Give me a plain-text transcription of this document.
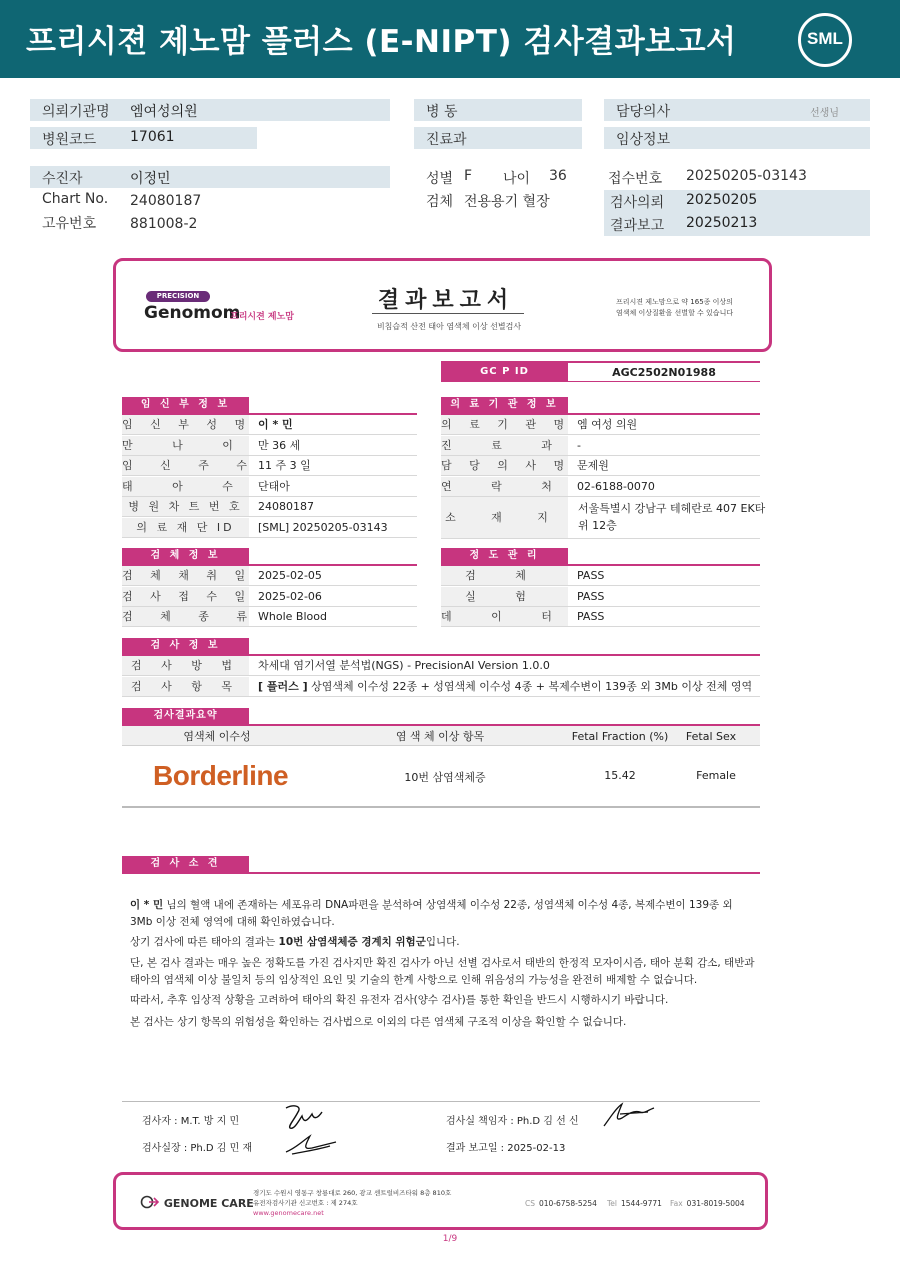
프리시젼 제노맘 플러스 (E-NIPT) 검사결과보고서	SML
의뢰기관명 엠여성의원
병원코드 17061
병 동
진료과
담당의사	선생님
임상정보
수진자	이정민
Chart No. 24080187
고유번호 881008-2
성별 F 나이 36
검체 전용용기 혈장
접수번호 20250205-03143
검사의뢰 20250205
결과보고 20250213
PRECISION
Genomom
프리시젼 제노맘
결과보고서
비침습적 산전 태아 염색체 이상 선별검사
프리시젼 제노맘으로 약 165종 이상의
염색체 이상질환을 선별할 수 있습니다
GC P ID	AGC2502N01988
임 신 부 정 보
임 신 부 성 명 이 * 민
만 나 이 만 36 세
임 신 주 수 11 주 3 일
태 아 수 단태아
병 원 차 트 번 호	24080187
의 료 재 단 ID	[SML] 20250205-03143
의 료 기 관 정 보
의 료 기 관 명 엠 여성 의원
진 료 과 -
담 당 의 사 명 문제원
연 락 처 02-6188-0070
소 재 지
서울특별시 강남구 테헤란로 407 EK타
위 12층
검 체 정 보
검 체 채 취 일 2025-02-05
검 사 접 수 일 2025-02-06
검 체 종 류 Whole Blood
정 도 관 리
검 체	PASS
실 험	PASS
데 이 터 PASS
검 사 정 보
검 사 방 법	차세대 염기서열 분석법(NGS) - PrecisionAI Version 1.0.0
검 사 항 목	[ 플러스 ] 상염색체 이수성 22종 + 성염색체 이수성 4종 + 복제수변이 139종 외 3Mb 이상 전체 영역
검사결과요약
염색체 이수성	염 색 체 이상 항목	Fetal Fraction (%)	Fetal Sex
Borderline	10번 삼염색체증	15.42	Female
검 사 소 견
이 * 민 님의 혈액 내에 존재하는 세포유리 DNA파편을 분석하여 상염색체 이수성 22종, 성염색체 이수성 4종, 복제수변이 139종 외
3Mb 이상 전체 영역에 대해 확인하였습니다.
상기 검사에 따른 태아의 결과는 10번 삼염색체증 경계치 위험군입니다.
단, 본 검사 결과는 매우 높은 정확도를 가진 검사지만 확진 검사가 아닌 선별 검사로서 태반의 한정적 모자이시즘, 태아 분획 감소, 태반과
태아의 염색체 이상 불일치 등의 임상적인 요인 및 기술의 한계 사항으로 인해 위음성의 가능성을 완전히 배제할 수 없습니다.
따라서, 추후 임상적 상황을 고려하여 태아의 확진 유전자 검사(양수 검사)를 통한 확인을 반드시 시행하시기 바랍니다.
본 검사는 상기 항목의 위험성을 확인하는 검사법으로 이외의 다른 염색체 구조적 이상을 확인할 수 없습니다.
검사자 : M.T. 방 지 민
검사실장 : Ph.D 김 민 재
검사실 책임자 : Ph.D 김 선 신
결과 보고일 : 2025-02-13
GENOME CARE
경기도 수원시 영통구 창룡대로 260, 광교 센트럴비즈타워 8층 810호
유전자검사기관 신고번호 : 제 274호
www.genomecare.net
CS 010-6758-5254 Tel 1544-9771 Fax 031-8019-5004
1/9
